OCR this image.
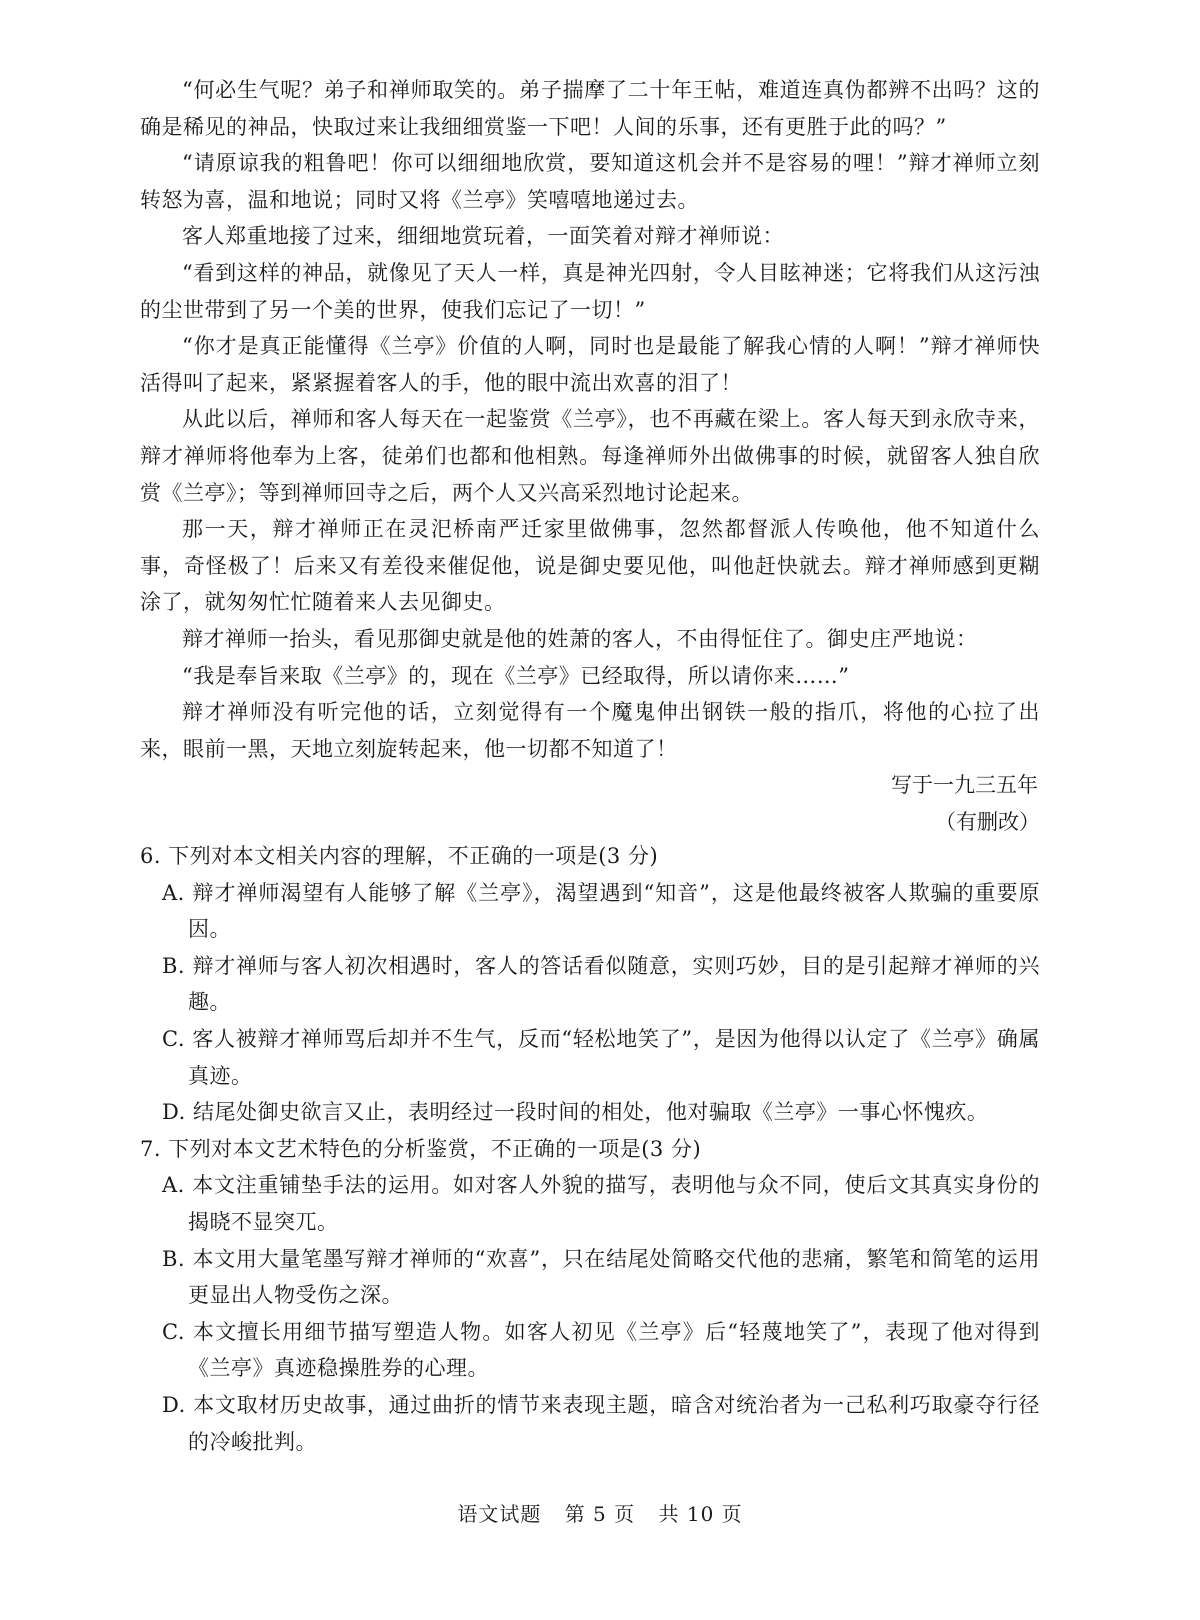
“何必生气呢？弟子和禅师取笑的。弟子揣摩了二十年王帖，难道连真伪都辨不出吗？这的确是稀见的神品，快取过来让我细细赏鉴一下吧！人间的乐事，还有更胜于此的吗？”

“请原谅我的粗鲁吧！你可以细细地欣赏，要知道这机会并不是容易的哩！”辩才禅师立刻转怒为喜，温和地说；同时又将《兰亭》笑嘻嘻地递过去。

客人郑重地接了过来，细细地赏玩着，一面笑着对辩才禅师说：

“看到这样的神品，就像见了天人一样，真是神光四射，令人目眩神迷；它将我们从这污浊的尘世带到了另一个美的世界，使我们忘记了一切！”

“你才是真正能懂得《兰亭》价值的人啊，同时也是最能了解我心情的人啊！”辩才禅师快活得叫了起来，紧紧握着客人的手，他的眼中流出欢喜的泪了！

从此以后，禅师和客人每天在一起鉴赏《兰亭》，也不再藏在梁上。客人每天到永欣寺来，辩才禅师将他奉为上客，徒弟们也都和他相熟。每逢禅师外出做佛事的时候，就留客人独自欣赏《兰亭》；等到禅师回寺之后，两个人又兴高采烈地讨论起来。

那一天，辩才禅师正在灵汜桥南严迁家里做佛事，忽然都督派人传唤他，他不知道什么事，奇怪极了！后来又有差役来催促他，说是御史要见他，叫他赶快就去。辩才禅师感到更糊涂了，就匆匆忙忙随着来人去见御史。

辩才禅师一抬头，看见那御史就是他的姓萧的客人，不由得怔住了。御史庄严地说：

“我是奉旨来取《兰亭》的，现在《兰亭》已经取得，所以请你来……”

辩才禅师没有听完他的话，立刻觉得有一个魔鬼伸出钢铁一般的指爪，将他的心拉了出来，眼前一黑，天地立刻旋转起来，他一切都不知道了！

写于一九三五年

（有删改）

6. 下列对本文相关内容的理解，不正确的一项是(3 分)

A. 辩才禅师渴望有人能够了解《兰亭》，渴望遇到“知音”，这是他最终被客人欺骗的重要原因。

B. 辩才禅师与客人初次相遇时，客人的答话看似随意，实则巧妙，目的是引起辩才禅师的兴趣。

C. 客人被辩才禅师骂后却并不生气，反而“轻松地笑了”，是因为他得以认定了《兰亭》确属真迹。

D. 结尾处御史欲言又止，表明经过一段时间的相处，他对骗取《兰亭》一事心怀愧疚。

7. 下列对本文艺术特色的分析鉴赏，不正确的一项是(3 分)

A. 本文注重铺垫手法的运用。如对客人外貌的描写，表明他与众不同，使后文其真实身份的揭晓不显突兀。

B. 本文用大量笔墨写辩才禅师的“欢喜”，只在结尾处简略交代他的悲痛，繁笔和简笔的运用更显出人物受伤之深。

C. 本文擅长用细节描写塑造人物。如客人初见《兰亭》后“轻蔑地笑了”，表现了他对得到《兰亭》真迹稳操胜券的心理。

D. 本文取材历史故事，通过曲折的情节来表现主题，暗含对统治者为一己私利巧取豪夺行径的冷峻批判。

语文试题 第 5 页 共 10 页
